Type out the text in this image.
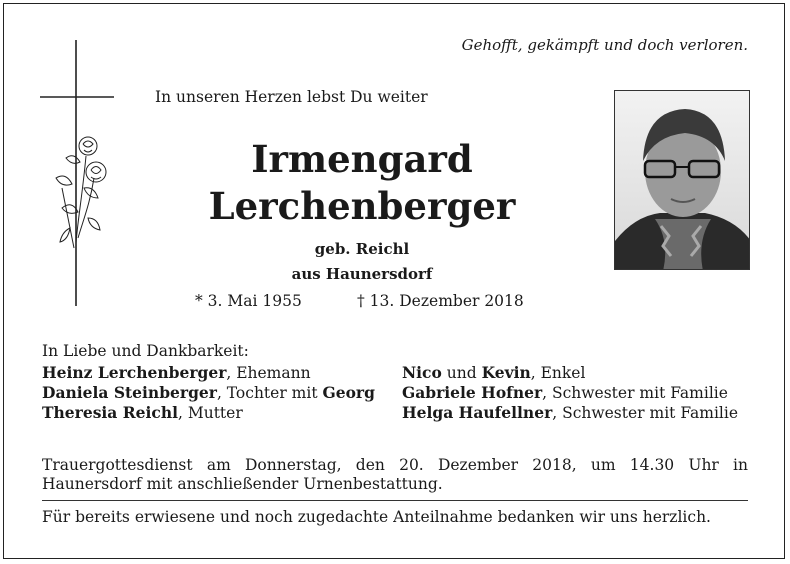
Gehofft, gekämpft und doch verloren.
In unseren Herzen lebst Du weiter
Irmengard
Lerchenberger
geb. Reichl
aus Haunersdorf
* 3. Mai 1955	† 13. Dezember 2018
In Liebe und Dankbarkeit:
Heinz Lerchenberger, Ehemann
Daniela Steinberger, Tochter mit Georg
Theresia Reichl, Mutter
Nico und Kevin, Enkel
Gabriele Hofner, Schwester mit Familie
Helga Haufellner, Schwester mit Familie
Trauergottesdienst am Donnerstag, den 20. Dezember 2018, um 14.30 Uhr in Haunersdorf mit anschließender Urnenbestattung.
Für bereits erwiesene und noch zugedachte Anteilnahme bedanken wir uns herzlich.
